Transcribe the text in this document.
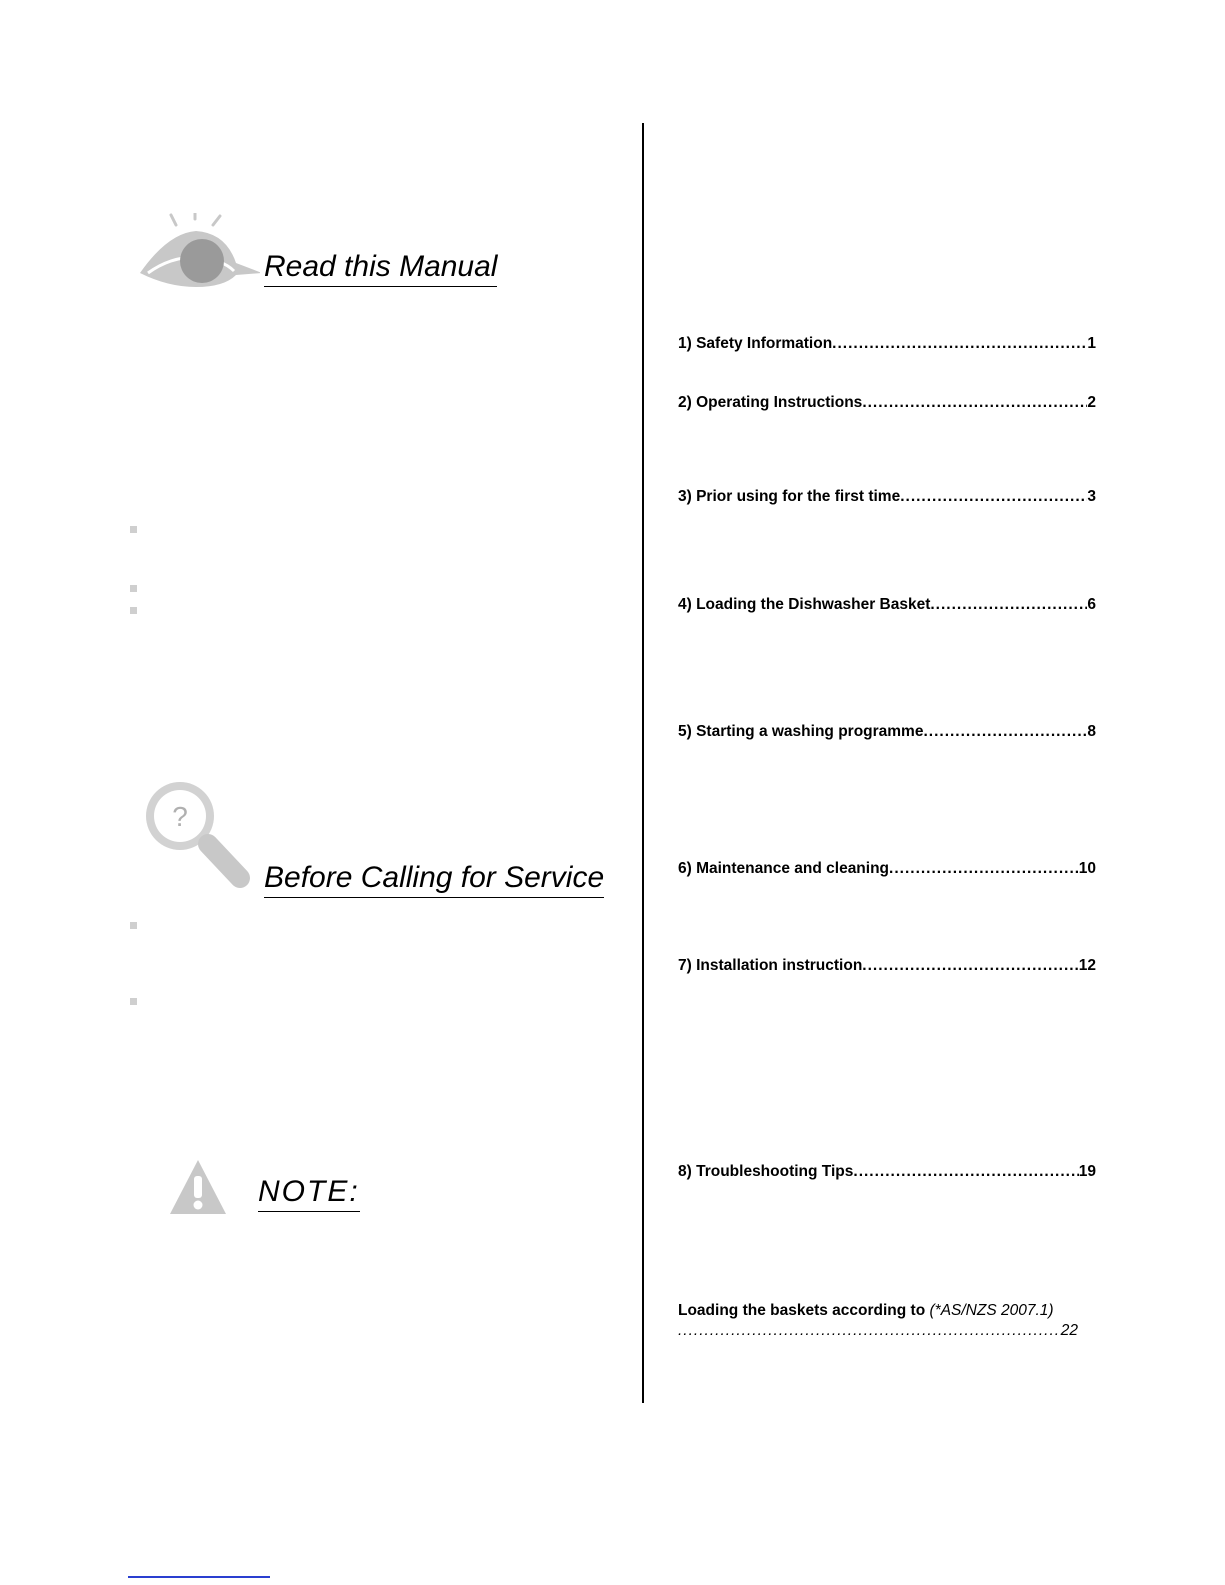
Read this Manual
?
Before Calling for Service
NOTE:
1) Safety Information .....	1
2) Operating Instructions .....	2
3) Prior using for the first time .....	3
4) Loading the Dishwasher Basket .....	6
5) Starting a washing programme .....	8
6) Maintenance and cleaning .....	10
7) Installation instruction .....	12
8) Troubleshooting Tips .....	19
Loading the baskets according to (*AS/NZS 2007.1)
.....
22
